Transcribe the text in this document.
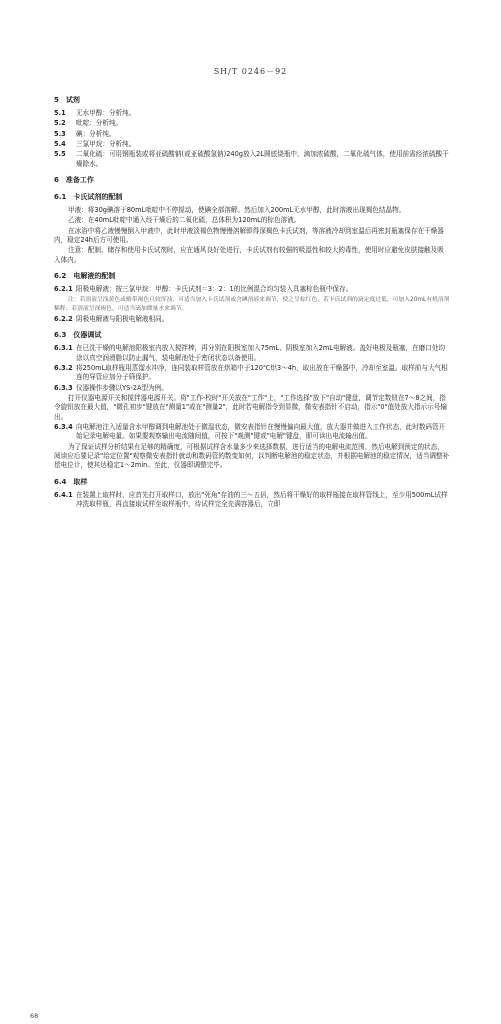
SH/T 0246－92
5  试剂
5.1	无水甲醇：分析纯。
5.2	吡啶：分析纯。
5.3	碘：分析纯。
5.4	三氯甲烷：分析纯。
5.5	二氧化硫：可用钢瓶装或将亚硫酸钠(或亚硫酸氢钠)240g放入2L圆底烧瓶中，滴加浓硫酸，二氧化硫气体，使用前需经浓硫酸干燥除水。
6  准备工作
6.1  卡氏试剂的配制
甲液：将30g碘溶于80mL吡啶中不停搅动，使碘全部溶解。然后加入200mL无水甲醇，此时溶液出现褐色结晶物。
乙液：在40mL吡啶中通入经干燥后的二氧化硫，总体积为120mL的棕色溶液。
在冰浴中将乙液慢慢倒入甲液中，此时甲液淡褐色物慢慢溶解即得深褐色卡氏试剂，等溶液冷却到室温后再密封瓶塞保存在干燥器内，稳定24h后方可使用。
注意：配制、储存和使用卡氏试剂时，应在通风良好处进行，卡氏试剂有较强的吸湿性和较大的毒性，使用时应避免皮肤接触及吸入体内。
6.2  电解液的配制
6.2.1 阳极电解液：按三氯甲烷：甲醇：卡氏试剂＝3：2：1的比例混合均匀装入具塞棕色瓶中保存。
注：若溶液呈浅黄色或略带褐色且较浑浊，可适当加入卡氏试剂或含碘溶液来调节，使之呈棕红色。若卡氏试剂的滴定度过低，可加入20mL有机溶剂稀释；若溶液呈深褐色，可适当滴加微量水来调节。
6.2.2 阴极电解液与阳极电解液相同。
6.3  仪器调试
6.3.1 在已洗干燥的电解池阳极室内放入搅拌棒，再分别在阳极室加入75mL、阴极室加入2mL电解液。盖好电极及瓶塞，在磨口处均涂以真空润滑脂以防止漏气，装电解池处于密闭状态以备使用。
6.3.2 将250mL取样瓶用蒸馏水冲净，连同装取样管放在烘箱中于120℃烘3～4h，取出放在干燥器中，冷却至室温。取样前与大气相连的导管应加分子筛保护。
6.3.3 仪器操作步骤以YS-2A型为例。
打开仪器电源开关和搅拌器电源开关。将"工作-校时"开关放在"工作"上，"工作选择"放下"自动"键盘，调节定数钮在7～8之间，指令旋钮放在最大值，"微孔初步"键放在"测量1"或在"测量2"，此时若电解指令到显微，微安表指针不启动，指示"0"值处放大指示示号输出。
6.3.4 向电解池注入适量含水甲醇调到电解池处于微湿状态，微安表指针在慢慢偏向最大值，放大器并做进入工作状态，此时数码管开始记录电解电量。如果要观察输出电流随间值，可按下"观测"键或"电解"键盘，即可读出电流输出值。
为了保证试样分析结果有足够的精确度，可根据试样含水量多少来选择数据，进行适当的电解电流范围，然后电解到预定的状态，阅读应后要记录"给定位置"观察微安表指针就动和数码管的数变如何，以判断电解池的稳定状态，并根据电解池的稳定情况，适当调整补偿电位计，使其达稳定1～2min。至此，仪器即调整完毕。
6.4  取样
6.4.1 在装置上取样时，应首先打开取样口，放出"死角"存油的三～五倍，然后将干燥好的取样瓶接在取样管线上，至少用500mL试样冲洗取样瓶，再直接取试样至取样瓶中，待试样完全充满容器后，立即
68
